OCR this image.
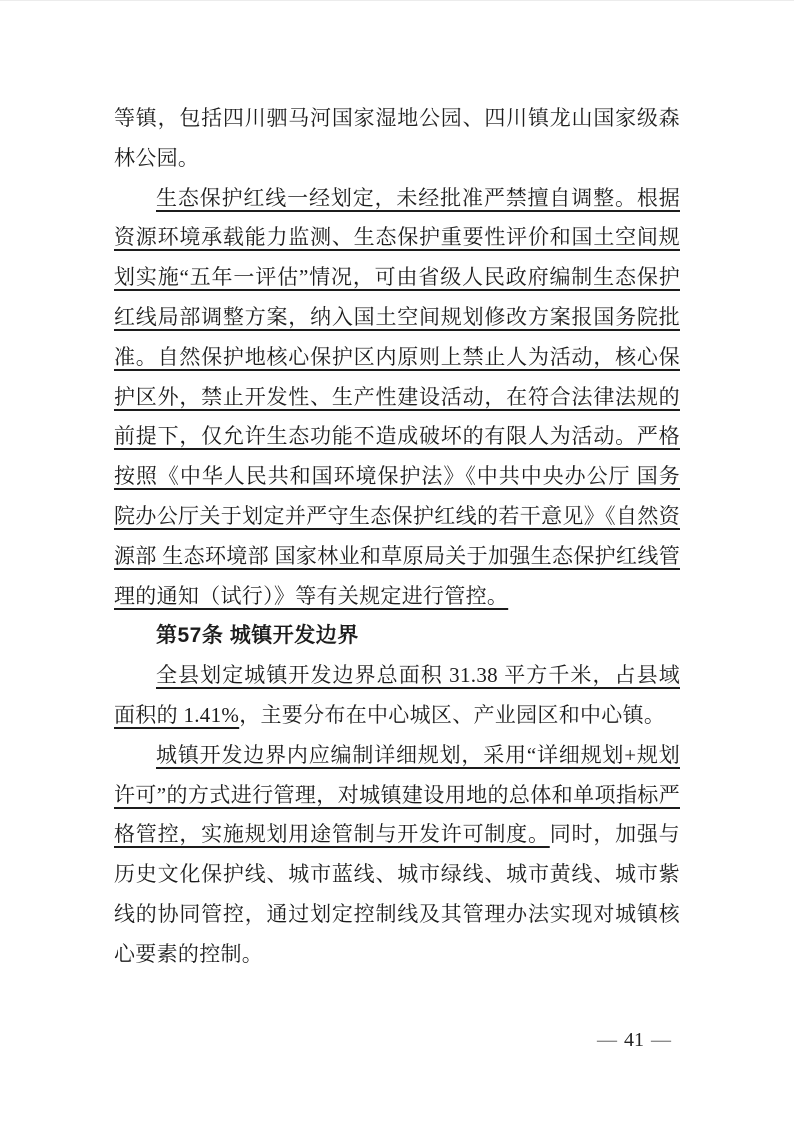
等镇，包括四川驷马河国家湿地公园、四川镇龙山国家级森林公园。

生态保护红线一经划定，未经批准严禁擅自调整。根据资源环境承载能力监测、生态保护重要性评价和国土空间规划实施“五年一评估”情况，可由省级人民政府编制生态保护红线局部调整方案，纳入国土空间规划修改方案报国务院批准。自然保护地核心保护区内原则上禁止人为活动，核心保护区外，禁止开发性、生产性建设活动，在符合法律法规的前提下，仅允许生态功能不造成破坏的有限人为活动。严格按照《中华人民共和国环境保护法》《中共中央办公厅 国务院办公厅关于划定并严守生态保护红线的若干意见》《自然资源部 生态环境部 国家林业和草原局关于加强生态保护红线管理的通知（试行）》等有关规定进行管控。

第57条 城镇开发边界

全县划定城镇开发边界总面积 31.38 平方千米，占县域面积的 1.41%，主要分布在中心城区、产业园区和中心镇。

城镇开发边界内应编制详细规划，采用“详细规划+规划许可”的方式进行管理，对城镇建设用地的总体和单项指标严格管控，实施规划用途管制与开发许可制度。同时，加强与历史文化保护线、城市蓝线、城市绿线、城市黄线、城市紫线的协同管控，通过划定控制线及其管理办法实现对城镇核心要素的控制。

— 41 —
